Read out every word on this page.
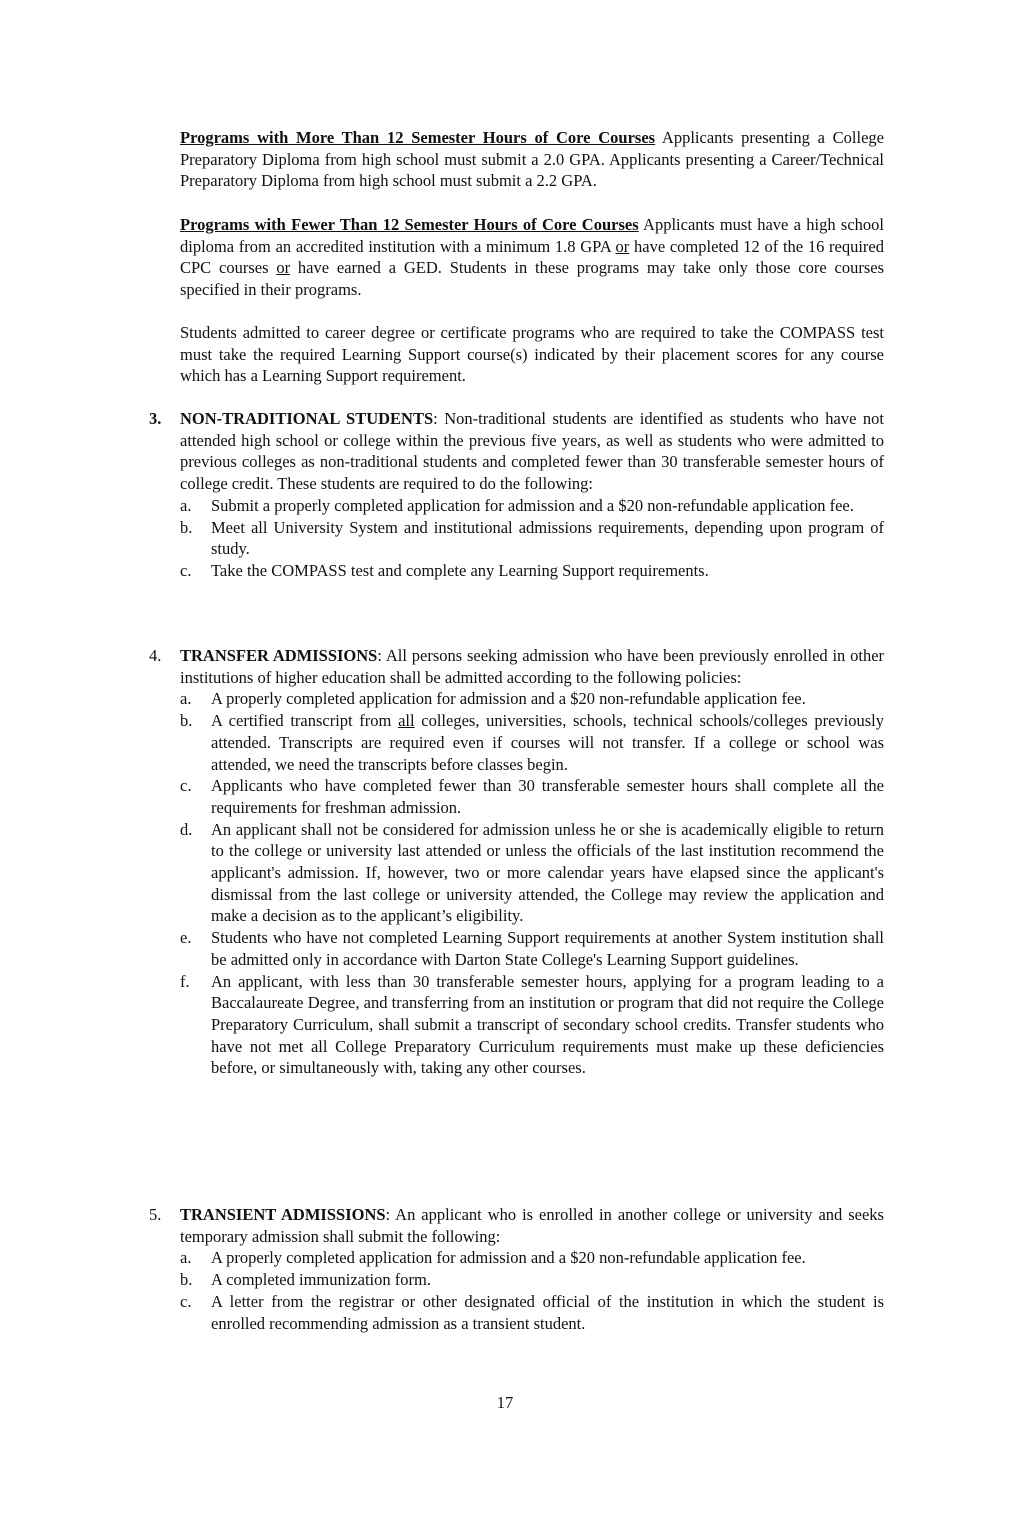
Programs with More Than 12 Semester Hours of Core Courses Applicants presenting a College Preparatory Diploma from high school must submit a 2.0 GPA. Applicants presenting a Career/Technical Preparatory Diploma from high school must submit a 2.2 GPA.

Programs with Fewer Than 12 Semester Hours of Core Courses Applicants must have a high school diploma from an accredited institution with a minimum 1.8 GPA or have completed 12 of the 16 required CPC courses or have earned a GED. Students in these programs may take only those core courses specified in their programs.

Students admitted to career degree or certificate programs who are required to take the COMPASS test must take the required Learning Support course(s) indicated by their placement scores for any course which has a Learning Support requirement.

3.	NON-TRADITIONAL STUDENTS: Non-traditional students are identified as students who have not attended high school or college within the previous five years, as well as students who were admitted to previous colleges as non-traditional students and completed fewer than 30 transferable semester hours of college credit. These students are required to do the following:

a.	Submit a properly completed application for admission and a $20 non-refundable application fee.
b.	Meet all University System and institutional admissions requirements, depending upon program of study.
c.	Take the COMPASS test and complete any Learning Support requirements.
4.	TRANSFER ADMISSIONS: All persons seeking admission who have been previously enrolled in other institutions of higher education shall be admitted according to the following policies:

a.	A properly completed application for admission and a $20 non-refundable application fee.
b.	A certified transcript from all colleges, universities, schools, technical schools/colleges previously attended. Transcripts are required even if courses will not transfer. If a college or school was attended, we need the transcripts before classes begin.
c.	Applicants who have completed fewer than 30 transferable semester hours shall complete all the requirements for freshman admission.
d.	An applicant shall not be considered for admission unless he or she is academically eligible to return to the college or university last attended or unless the officials of the last institution recommend the applicant's admission. If, however, two or more calendar years have elapsed since the applicant's dismissal from the last college or university attended, the College may review the application and make a decision as to the applicant’s eligibility.
e.	Students who have not completed Learning Support requirements at another System institution shall be admitted only in accordance with Darton State College's Learning Support guidelines.
f.	An applicant, with less than 30 transferable semester hours, applying for a program leading to a Baccalaureate Degree, and transferring from an institution or program that did not require the College Preparatory Curriculum, shall submit a transcript of secondary school credits. Transfer students who have not met all College Preparatory Curriculum requirements must make up these deficiencies before, or simultaneously with, taking any other courses.
5.	TRANSIENT ADMISSIONS: An applicant who is enrolled in another college or university and seeks temporary admission shall submit the following:

a.	A properly completed application for admission and a $20 non-refundable application fee.
b.	A completed immunization form.
c.	A letter from the registrar or other designated official of the institution in which the student is enrolled recommending admission as a transient student.
17
